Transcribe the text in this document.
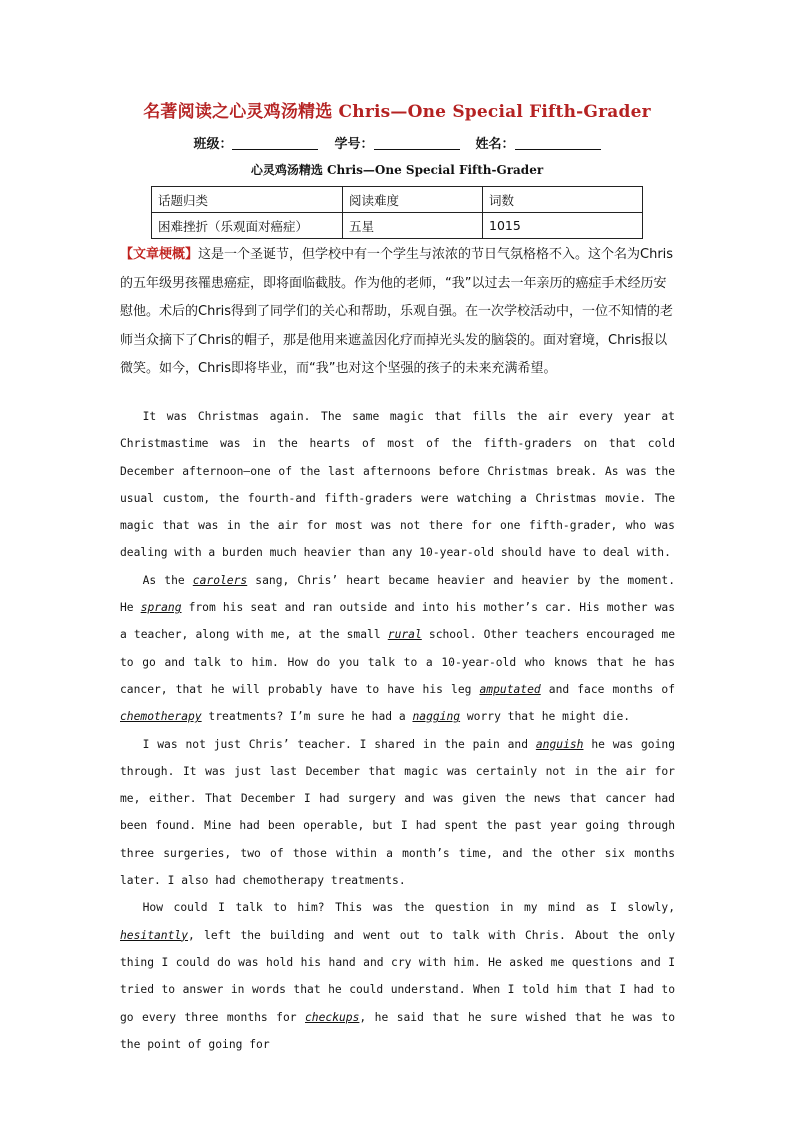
名著阅读之心灵鸡汤精选 Chris—One Special Fifth-Grader
班级：	学号：	姓名：
心灵鸡汤精选 Chris—One Special Fifth-Grader
话题归类	阅读难度	词数
困难挫折（乐观面对癌症）	五星	1015
【文章梗概】这是一个圣诞节，但学校中有一个学生与浓浓的节日气氛格格不入。这个名为Chris的五年级男孩罹患癌症，即将面临截肢。作为他的老师，“我”以过去一年亲历的癌症手术经历安慰他。术后的Chris得到了同学们的关心和帮助，乐观自强。在一次学校活动中，一位不知情的老师当众摘下了Chris的帽子，那是他用来遮盖因化疗而掉光头发的脑袋的。面对窘境，Chris报以微笑。如今，Chris即将毕业，而“我”也对这个坚强的孩子的未来充满希望。

It was Christmas again. The same magic that fills the air every year at Christmastime was in the hearts of most of the fifth-graders on that cold December afternoon—one of the last afternoons before Christmas break. As was the usual custom, the fourth-and fifth-graders were watching a Christmas movie. The magic that was in the air for most was not there for one fifth-grader, who was dealing with a burden much heavier than any 10-year-old should have to deal with.

As the carolers sang, Chris’ heart became heavier and heavier by the moment. He sprang from his seat and ran outside and into his mother’s car. His mother was a teacher, along with me, at the small rural school. Other teachers encouraged me to go and talk to him. How do you talk to a 10-year-old who knows that he has cancer, that he will probably have to have his leg amputated and face months of chemotherapy treatments? I’m sure he had a nagging worry that he might die.

I was not just Chris’ teacher. I shared in the pain and anguish he was going through. It was just last December that magic was certainly not in the air for me, either. That December I had surgery and was given the news that cancer had been found. Mine had been operable, but I had spent the past year going through three surgeries, two of those within a month’s time, and the other six months later. I also had chemotherapy treatments.

How could I talk to him? This was the question in my mind as I slowly, hesitantly, left the building and went out to talk with Chris. About the only thing I could do was hold his hand and cry with him. He asked me questions and I tried to answer in words that he could understand. When I told him that I had to go every three months for checkups, he said that he sure wished that he was to the point of going for
